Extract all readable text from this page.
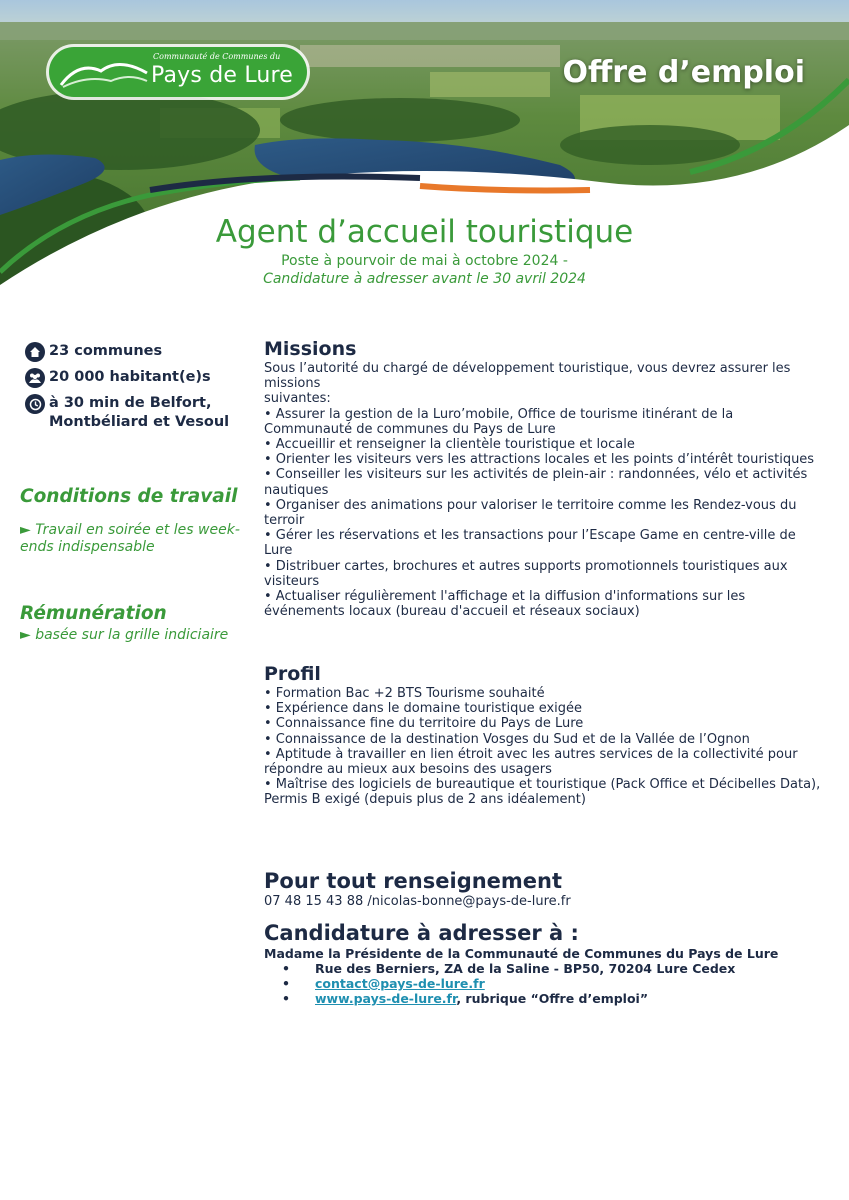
Communauté de Communes du
Pays de Lure	Offre d’emploi
Agent d’accueil touristique
Poste à pourvoir de mai à octobre 2024 -
Candidature à adresser avant le 30 avril 2024
23 communes
20 000 habitant(e)s
à 30 min de Belfort, Montbéliard et Vesoul
Conditions de travail
► Travail en soirée et les week-ends indispensable
Rémunération
► basée sur la grille indiciaire
Missions
Sous l’autorité du chargé de développement touristique, vous devrez assurer les missions
suivantes:
• Assurer la gestion de la Luro’mobile, Office de tourisme itinérant de la Communauté de communes du Pays de Lure
• Accueillir et renseigner la clientèle touristique et locale
• Orienter les visiteurs vers les attractions locales et les points d’intérêt touristiques
• Conseiller les visiteurs sur les activités de plein-air : randonnées, vélo et activités nautiques
• Organiser des animations pour valoriser le territoire comme les Rendez-vous du terroir
• Gérer les réservations et les transactions pour l’Escape Game en centre-ville de Lure
• Distribuer cartes, brochures et autres supports promotionnels touristiques aux visiteurs
• Actualiser régulièrement l'affichage et la diffusion d'informations sur les événements locaux (bureau d'accueil et réseaux sociaux)
Profil
• Formation Bac +2 BTS Tourisme souhaité
• Expérience dans le domaine touristique exigée
• Connaissance fine du territoire du Pays de Lure
• Connaissance de la destination Vosges du Sud et de la Vallée de l’Ognon
• Aptitude à travailler en lien étroit avec les autres services de la collectivité pour répondre au mieux aux besoins des usagers
• Maîtrise des logiciels de bureautique et touristique (Pack Office et Décibelles Data),
Permis B exigé (depuis plus de 2 ans idéalement)
Pour tout renseignement
07 48 15 43 88 /nicolas-bonne@pays-de-lure.fr
Candidature à adresser à :
Madame la Présidente de la Communauté de Communes du Pays de Lure
• Rue des Berniers, ZA de la Saline - BP50, 70204 Lure Cedex
• contact@pays-de-lure.fr
• www.pays-de-lure.fr, rubrique “Offre d’emploi”
